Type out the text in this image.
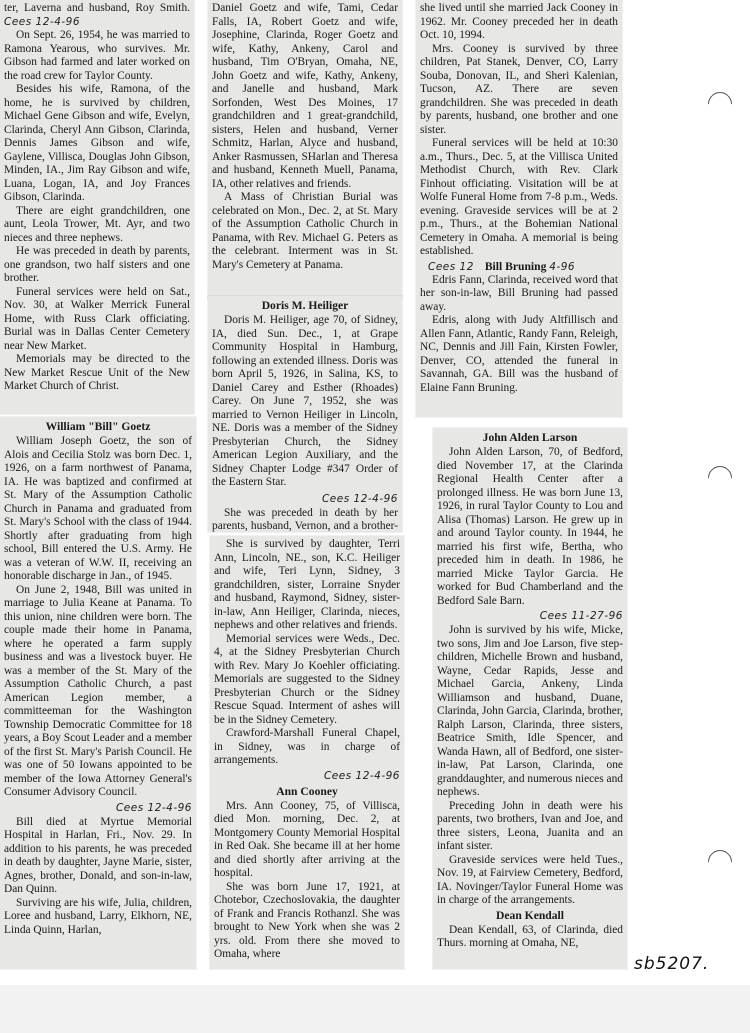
ter, Laverna and husband, Roy Smith. Cees 12-4-96

On Sept. 26, 1954, he was married to Ramona Yearous, who survives. Mr. Gibson had farmed and later worked on the road crew for Taylor County.

Besides his wife, Ramona, of the home, he is survived by children, Michael Gene Gibson and wife, Evelyn, Clarinda, Cheryl Ann Gibson, Clarinda, Dennis James Gibson and wife, Gaylene, Villisca, Douglas John Gibson, Minden, IA., Jim Ray Gibson and wife, Luana, Logan, IA, and Joy Frances Gibson, Clarinda.

There are eight grandchildren, one aunt, Leola Trower, Mt. Ayr, and two nieces and three nephews.

He was preceded in death by parents, one grandson, two half sisters and one brother.

Funeral services were held on Sat., Nov. 30, at Walker Merrick Funeral Home, with Russ Clark officiating. Burial was in Dallas Center Cemetery near New Market.

Memorials may be directed to the New Market Rescue Unit of the New Market Church of Christ.

William "Bill" Goetz

William Joseph Goetz, the son of Alois and Cecilia Stolz was born Dec. 1, 1926, on a farm northwest of Panama, IA. He was baptized and confirmed at St. Mary of the Assumption Catholic Church in Panama and graduated from St. Mary's School with the class of 1944. Shortly after graduating from high school, Bill entered the U.S. Army. He was a veteran of W.W. II, receiving an honorable discharge in Jan., of 1945.

On June 2, 1948, Bill was united in marriage to Julia Keane at Panama. To this union, nine children were born. The couple made their home in Panama, where he operated a farm supply business and was a livestock buyer. He was a member of the St. Mary of the Assumption Catholic Church, a past American Legion member, a committeeman for the Washington Township Democratic Committee for 18 years, a Boy Scout Leader and a member of the first St. Mary's Parish Council. He was one of 50 Iowans appointed to be member of the Iowa Attorney General's Consumer Advisory Council.

Cees 12-4-96

Bill died at Myrtue Memorial Hospital in Harlan, Fri., Nov. 29. In addition to his parents, he was preceded in death by daughter, Jayne Marie, sister, Agnes, brother, Donald, and son-in-law, Dan Quinn.

Surviving are his wife, Julia, children, Loree and husband, Larry, Elkhorn, NE, Linda Quinn, Harlan,

Daniel Goetz and wife, Tami, Cedar Falls, IA, Robert Goetz and wife, Josephine, Clarinda, Roger Goetz and wife, Kathy, Ankeny, Carol and husband, Tim O'Bryan, Omaha, NE, John Goetz and wife, Kathy, Ankeny, and Janelle and husband, Mark Sorfonden, West Des Moines, 17 grandchildren and 1 great-grandchild, sisters, Helen and husband, Verner Schmitz, Harlan, Alyce and husband, Anker Rasmussen, SHarlan and Theresa and husband, Kenneth Muell, Panama, IA, other relatives and friends.

A Mass of Christian Burial was celebrated on Mon., Dec. 2, at St. Mary of the Assumption Catholic Church in Panama, with Rev. Michael G. Peters as the celebrant. Interment was in St. Mary's Cemetery at Panama.

Doris M. Heiliger

Doris M. Heiliger, age 70, of Sidney, IA, died Sun. Dec., 1, at Grape Community Hospital in Hamburg, following an extended illness. Doris was born April 5, 1926, in Salina, KS, to Daniel Carey and Esther (Rhoades) Carey. On June 7, 1952, she was married to Vernon Heiliger in Lincoln, NE. Doris was a member of the Sidney Presbyterian Church, the Sidney American Legion Auxiliary, and the Sidney Chapter Lodge #347 Order of the Eastern Star.

Cees 12-4-96

She was preceded in death by her parents, husband, Vernon, and a brother-

She is survived by daughter, Terri Ann, Lincoln, NE., son, K.C. Heiliger and wife, Teri Lynn, Sidney, 3 grandchildren, sister, Lorraine Snyder and husband, Raymond, Sidney, sister-in-law, Ann Heiliger, Clarinda, nieces, nephews and other relatives and friends.

Memorial services were Weds., Dec. 4, at the Sidney Presbyterian Church with Rev. Mary Jo Koehler officiating. Memorials are suggested to the Sidney Presbyterian Church or the Sidney Rescue Squad. Interment of ashes will be in the Sidney Cemetery.

Crawford-Marshall Funeral Chapel, in Sidney, was in charge of arrangements.

Cees 12-4-96
Ann Cooney

Mrs. Ann Cooney, 75, of Villisca, died Mon. morning, Dec. 2, at Montgomery County Memorial Hospital in Red Oak. She became ill at her home and died shortly after arriving at the hospital.

She was born June 17, 1921, at Chotebor, Czechoslovakia, the daughter of Frank and Francis Rothanzl. She was brought to New York when she was 2 yrs. old. From there she moved to Omaha, where

she lived until she married Jack Cooney in 1962. Mr. Cooney preceded her in death Oct. 10, 1994.

Mrs. Cooney is survived by three children, Pat Stanek, Denver, CO, Larry Souba, Donovan, IL, and Sheri Kalenian, Tucson, AZ. There are seven grandchildren. She was preceded in death by parents, husband, one brother and one sister.

Funeral services will be held at 10:30 a.m., Thurs., Dec. 5, at the Villisca United Methodist Church, with Rev. Clark Finhout officiating. Visitation will be at Wolfe Funeral Home from 7-8 p.m., Weds. evening. Graveside services will be at 2 p.m., Thurs., at the Bohemian National Cemetery in Omaha. A memorial is being established.

Cees 12 Bill Bruning 4-96

Edris Fann, Clarinda, received word that her son-in-law, Bill Bruning had passed away.

Edris, along with Judy Altfillisch and Allen Fann, Atlantic, Randy Fann, Releigh, NC, Dennis and Jill Fain, Kirsten Fowler, Denver, CO, attended the funeral in Savannah, GA. Bill was the husband of Elaine Fann Bruning.

John Alden Larson

John Alden Larson, 70, of Bedford, died November 17, at the Clarinda Regional Health Center after a prolonged illness. He was born June 13, 1926, in rural Taylor County to Lou and Alisa (Thomas) Larson. He grew up in and around Taylor county. In 1944, he married his first wife, Bertha, who preceded him in death. In 1986, he married Micke Taylor Garcia. He worked for Bud Chamberland and the Bedford Sale Barn.

Cees 11-27-96

John is survived by his wife, Micke, two sons, Jim and Joe Larson, five step-children, Michelle Brown and husband, Wayne, Cedar Rapids, Jesse and Michael Garcia, Ankeny, Linda Williamson and husband, Duane, Clarinda, John Garcia, Clarinda, brother, Ralph Larson, Clarinda, three sisters, Beatrice Smith, Idle Spencer, and Wanda Hawn, all of Bedford, one sister-in-law, Pat Larson, Clarinda, one granddaughter, and numerous nieces and nephews.

Preceding John in death were his parents, two brothers, Ivan and Joe, and three sisters, Leona, Juanita and an infant sister.

Graveside services were held Tues., Nov. 19, at Fairview Cemetery, Bedford, IA. Novinger/Taylor Funeral Home was in charge of the arrangements.

Dean Kendall

Dean Kendall, 63, of Clarinda, died Thurs. morning at Omaha, NE,

sb5207.
